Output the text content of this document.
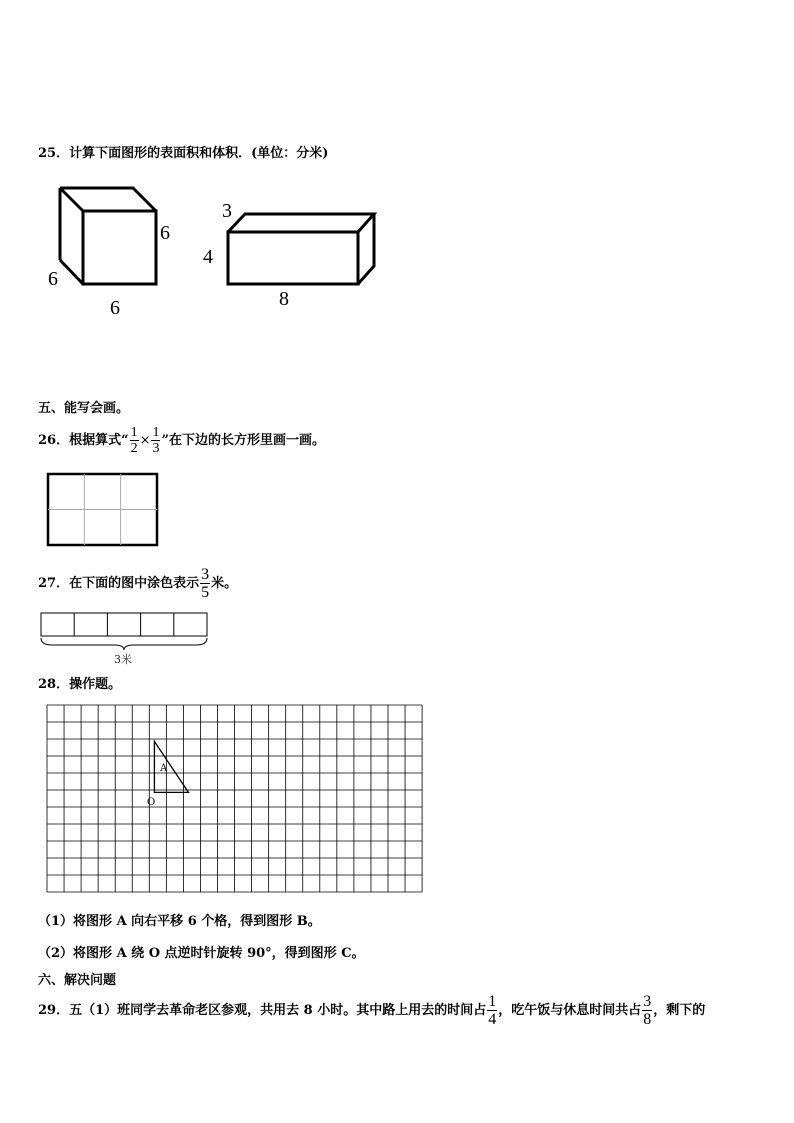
25．计算下面图形的表面积和体积．(单位：分米)
6
6
6
3
4
8
五、能写会画。
26．根据算式“ $\frac{1}{2} \times \frac{1}{3}$ ”在下边的长方形里画一画。
27．在下面的图中涂色表示 $\frac{3}{5}$ 米。
3米
28．操作题。
A
O
（1）将图形 A 向右平移 6 个格，得到图形 B。
（2）将图形 A 绕 O 点逆时针旋转 90°，得到图形 C。
六、解决问题
29．五（1）班同学去革命老区参观，共用去 8 小时。其中路上用去的时间占 $\frac{1}{4}$ ，吃午饭与休息时间共占 $\frac{3}{8}$ ，剩下的
